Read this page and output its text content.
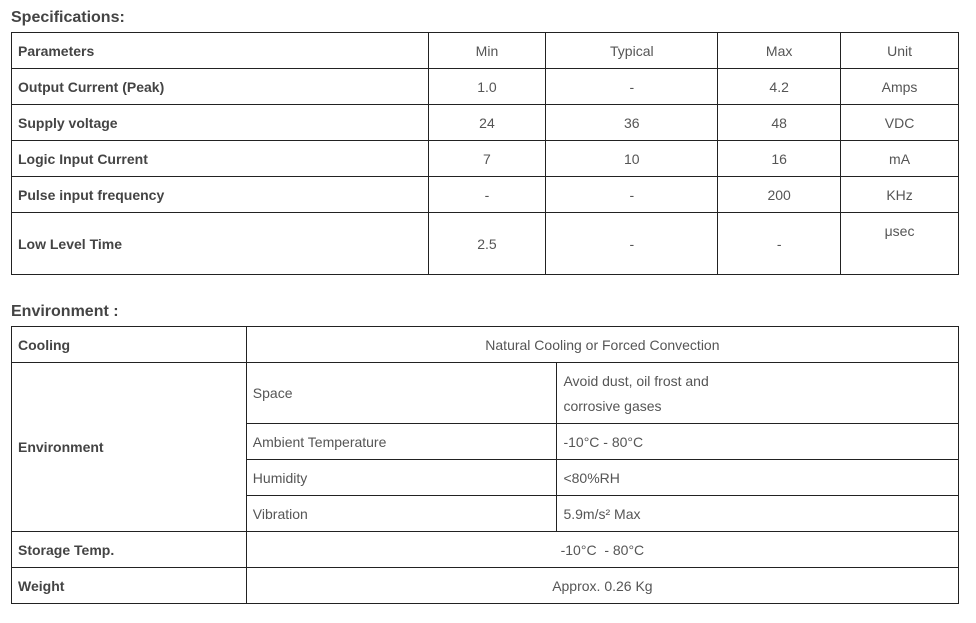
Specifications:
Parameters	Min	Typical	Max	Unit
Output Current (Peak)	1.0	-	4.2	Amps
Supply voltage	24	36	48	VDC
Logic Input Current	7	10	16	mA
Pulse input frequency	-	-	200	KHz
Low Level Time	2.5	-	-	μsec
Environment :
Cooling	Natural Cooling or Forced Convection	
Environment	Space	Avoid dust, oil frost and
corrosive gases

	Ambient Temperature	-10°C - 80°C
	Humidity	<80%RH
	Vibration	5.9m/s² Max
Storage Temp.	-10°C  - 80°C	
Weight	Approx. 0.26 Kg	
